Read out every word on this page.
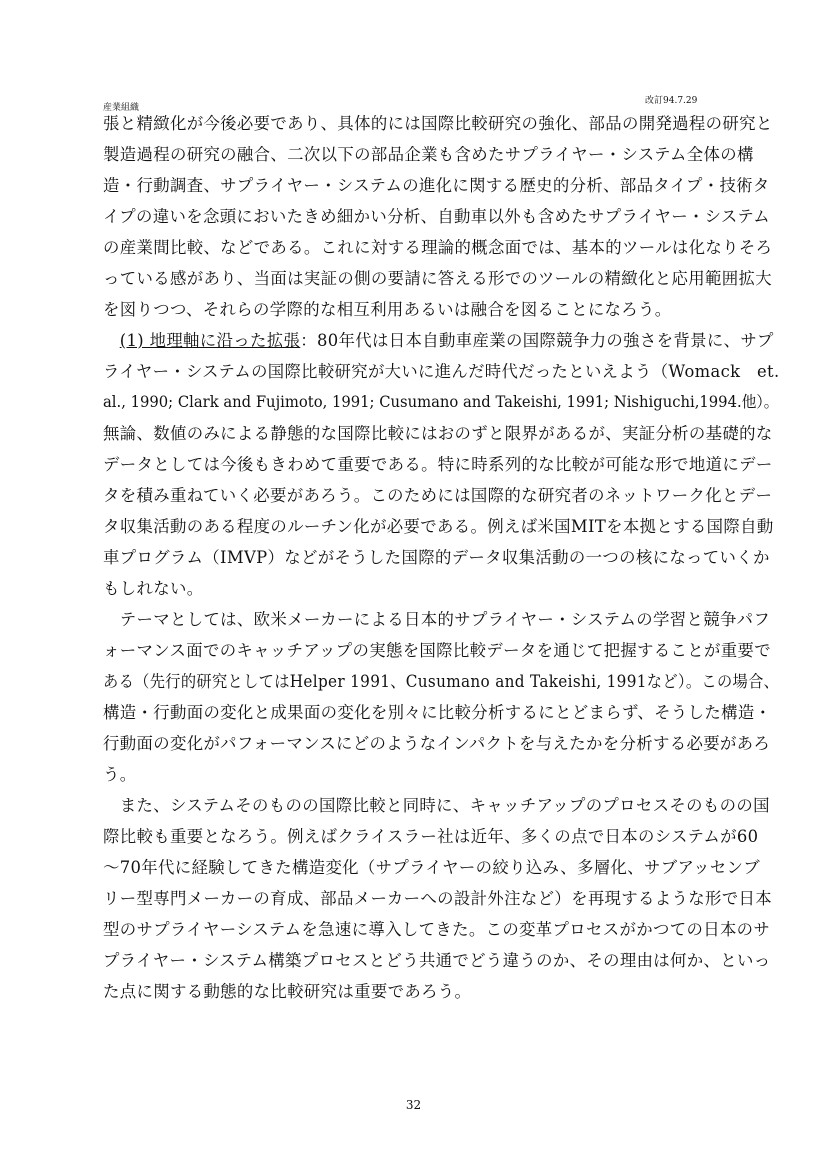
産業組織
改訂94.7.29
張と精緻化が今後必要であり、具体的には国際比較研究の強化、部品の開発過程の研究と
製造過程の研究の融合、二次以下の部品企業も含めたサプライヤー・システム全体の構
造・行動調査、サプライヤー・システムの進化に関する歴史的分析、部品タイプ・技術タ
イプの違いを念頭においたきめ細かい分析、自動車以外も含めたサプライヤー・システム
の産業間比較、などである。これに対する理論的概念面では、基本的ツールは化なりそろ
っている感があり、当面は実証の側の要請に答える形でのツールの精緻化と応用範囲拡大
を図りつつ、それらの学際的な相互利用あるいは融合を図ることになろう。
　(1) 地理軸に沿った拡張：80年代は日本自動車産業の国際競争力の強さを背景に、サプ
ライヤー・システムの国際比較研究が大いに進んだ時代だったといえよう（Womack　et.
al., 1990; Clark and Fujimoto, 1991; Cusumano and Takeishi, 1991; Nishiguchi,1994.他）。
無論、数値のみによる静態的な国際比較にはおのずと限界があるが、実証分析の基礎的な
データとしては今後もきわめて重要である。特に時系列的な比較が可能な形で地道にデー
タを積み重ねていく必要があろう。このためには国際的な研究者のネットワーク化とデー
タ収集活動のある程度のルーチン化が必要である。例えば米国MITを本拠とする国際自動
車プログラム（IMVP）などがそうした国際的データ収集活動の一つの核になっていくか
もしれない。
　テーマとしては、欧米メーカーによる日本的サプライヤー・システムの学習と競争パフ
ォーマンス面でのキャッチアップの実態を国際比較データを通じて把握することが重要で
ある（先行的研究としてはHelper 1991、Cusumano and Takeishi, 1991など）。この場合、
構造・行動面の変化と成果面の変化を別々に比較分析するにとどまらず、そうした構造・
行動面の変化がパフォーマンスにどのようなインパクトを与えたかを分析する必要があろ
う。
　また、システムそのものの国際比較と同時に、キャッチアップのプロセスそのものの国
際比較も重要となろう。例えばクライスラー社は近年、多くの点で日本のシステムが60
～70年代に経験してきた構造変化（サプライヤーの絞り込み、多層化、サブアッセンブ
リー型専門メーカーの育成、部品メーカーへの設計外注など）を再現するような形で日本
型のサプライヤーシステムを急速に導入してきた。この変革プロセスがかつての日本のサ
プライヤー・システム構築プロセスとどう共通でどう違うのか、その理由は何か、といっ
た点に関する動態的な比較研究は重要であろう。
32
